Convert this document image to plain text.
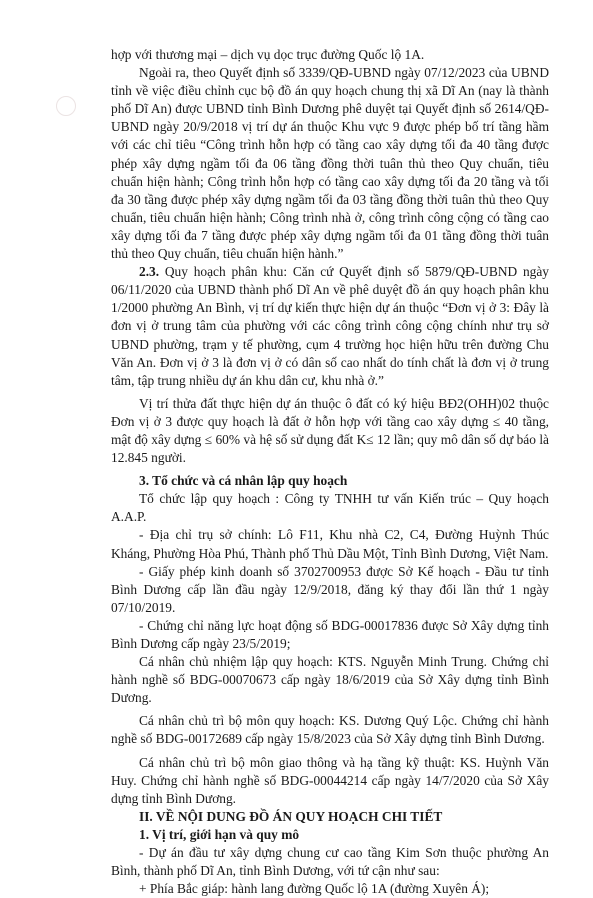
hợp với thương mại – dịch vụ dọc trục đường Quốc lộ 1A.

Ngoài ra, theo Quyết định số 3339/QĐ-UBND ngày 07/12/2023 của UBND tỉnh về việc điều chỉnh cục bộ đồ án quy hoạch chung thị xã Dĩ An (nay là thành phố Dĩ An) được UBND tỉnh Bình Dương phê duyệt tại Quyết định số 2614/QĐ-UBND ngày 20/9/2018 vị trí dự án thuộc Khu vực 9 được phép bố trí tầng hầm với các chỉ tiêu “Công trình hỗn hợp có tầng cao xây dựng tối đa 40 tầng được phép xây dựng ngầm tối đa 06 tầng đồng thời tuân thủ theo Quy chuẩn, tiêu chuẩn hiện hành; Công trình hỗn hợp có tầng cao xây dựng tối đa 20 tầng và tối đa 30 tầng được phép xây dựng ngầm tối đa 03 tầng đồng thời tuân thủ theo Quy chuẩn, tiêu chuẩn hiện hành; Công trình nhà ở, công trình công cộng có tầng cao xây dựng tối đa 7 tầng được phép xây dựng ngầm tối đa 01 tầng đồng thời tuân thủ theo Quy chuẩn, tiêu chuẩn hiện hành.”

2.3. Quy hoạch phân khu: Căn cứ Quyết định số 5879/QĐ-UBND ngày 06/11/2020 của UBND thành phố Dĩ An về phê duyệt đồ án quy hoạch phân khu 1/2000 phường An Bình, vị trí dự kiến thực hiện dự án thuộc “Đơn vị ở 3: Đây là đơn vị ở trung tâm của phường với các công trình công cộng chính như trụ sở UBND phường, trạm y tế phường, cụm 4 trường học hiện hữu trên đường Chu Văn An. Đơn vị ở 3 là đơn vị ở có dân số cao nhất do tính chất là đơn vị ở trung tâm, tập trung nhiều dự án khu dân cư, khu nhà ở.”

Vị trí thửa đất thực hiện dự án thuộc ô đất có ký hiệu BĐ2(OHH)02 thuộc Đơn vị ở 3 được quy hoạch là đất ở hỗn hợp với tầng cao xây dựng ≤ 40 tầng, mật độ xây dựng ≤ 60% và hệ số sử dụng đất K≤ 12 lần; quy mô dân số dự báo là 12.845 người.

3. Tổ chức và cá nhân lập quy hoạch

Tổ chức lập quy hoạch : Công ty TNHH tư vấn Kiến trúc – Quy hoạch A.A.P.

- Địa chỉ trụ sở chính: Lô F11, Khu nhà C2, C4, Đường Huỳnh Thúc Kháng, Phường Hòa Phú, Thành phố Thủ Dầu Một, Tỉnh Bình Dương, Việt Nam.

- Giấy phép kinh doanh số 3702700953 được Sở Kế hoạch - Đầu tư tỉnh Bình Dương cấp lần đầu ngày 12/9/2018, đăng ký thay đổi lần thứ 1 ngày 07/10/2019.

- Chứng chỉ năng lực hoạt động số BDG-00017836 được Sở Xây dựng tỉnh Bình Dương cấp ngày 23/5/2019;

Cá nhân chủ nhiệm lập quy hoạch: KTS. Nguyễn Minh Trung. Chứng chỉ hành nghề số BDG-00070673 cấp ngày 18/6/2019 của Sở Xây dựng tỉnh Bình Dương.

Cá nhân chủ trì bộ môn quy hoạch: KS. Dương Quý Lộc. Chứng chỉ hành nghề số BDG-00172689 cấp ngày 15/8/2023 của Sở Xây dựng tỉnh Bình Dương.

Cá nhân chủ trì bộ môn giao thông và hạ tầng kỹ thuật: KS. Huỳnh Văn Huy. Chứng chỉ hành nghề số BDG-00044214 cấp ngày 14/7/2020 của Sở Xây dựng tỉnh Bình Dương.

II. VỀ NỘI DUNG ĐỒ ÁN QUY HOẠCH CHI TIẾT

1. Vị trí, giới hạn và quy mô

- Dự án đầu tư xây dựng chung cư cao tầng Kim Sơn thuộc phường An Bình, thành phố Dĩ An, tỉnh Bình Dương, với tứ cận như sau:

+ Phía Bắc giáp: hành lang đường Quốc lộ 1A (đường Xuyên Á);
